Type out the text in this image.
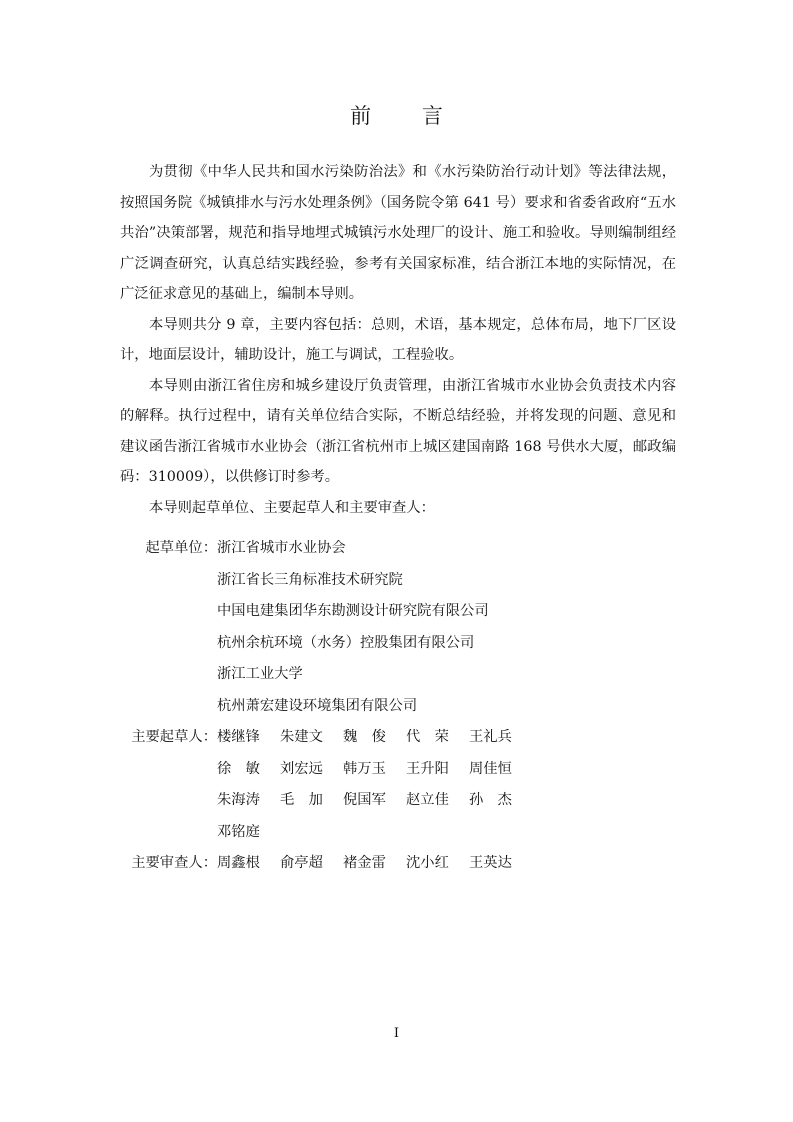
前 言

为贯彻《中华人民共和国水污染防治法》和《水污染防治行动计划》等法律法规，按照国务院《城镇排水与污水处理条例》（国务院令第 641 号）要求和省委省政府“五水共治”决策部署，规范和指导地埋式城镇污水处理厂的设计、施工和验收。导则编制组经广泛调查研究，认真总结实践经验，参考有关国家标准，结合浙江本地的实际情况，在广泛征求意见的基础上，编制本导则。

本导则共分 9 章，主要内容包括：总则，术语，基本规定，总体布局，地下厂区设计，地面层设计，辅助设计，施工与调试，工程验收。

本导则由浙江省住房和城乡建设厅负责管理，由浙江省城市水业协会负责技术内容的解释。执行过程中，请有关单位结合实际，不断总结经验，并将发现的问题、意见和建议函告浙江省城市水业协会（浙江省杭州市上城区建国南路 168 号供水大厦，邮政编码：310009），以供修订时参考。

本导则起草单位、主要起草人和主要审查人：

起草单位： 浙江省城市水业协会
浙江省长三角标准技术研究院
中国电建集团华东勘测设计研究院有限公司
杭州余杭环境（水务）控股集团有限公司
浙江工业大学
杭州萧宏建设环境集团有限公司
主要起草人： 楼继锋	朱建文	魏　俊	代　荣	王礼兵
徐　敏	刘宏远	韩万玉	王升阳	周佳恒
朱海涛	毛　加	倪国军	赵立佳	孙　杰
邓铭庭
主要审查人： 周鑫根	俞亭超	褚金雷	沈小红	王英达
I
